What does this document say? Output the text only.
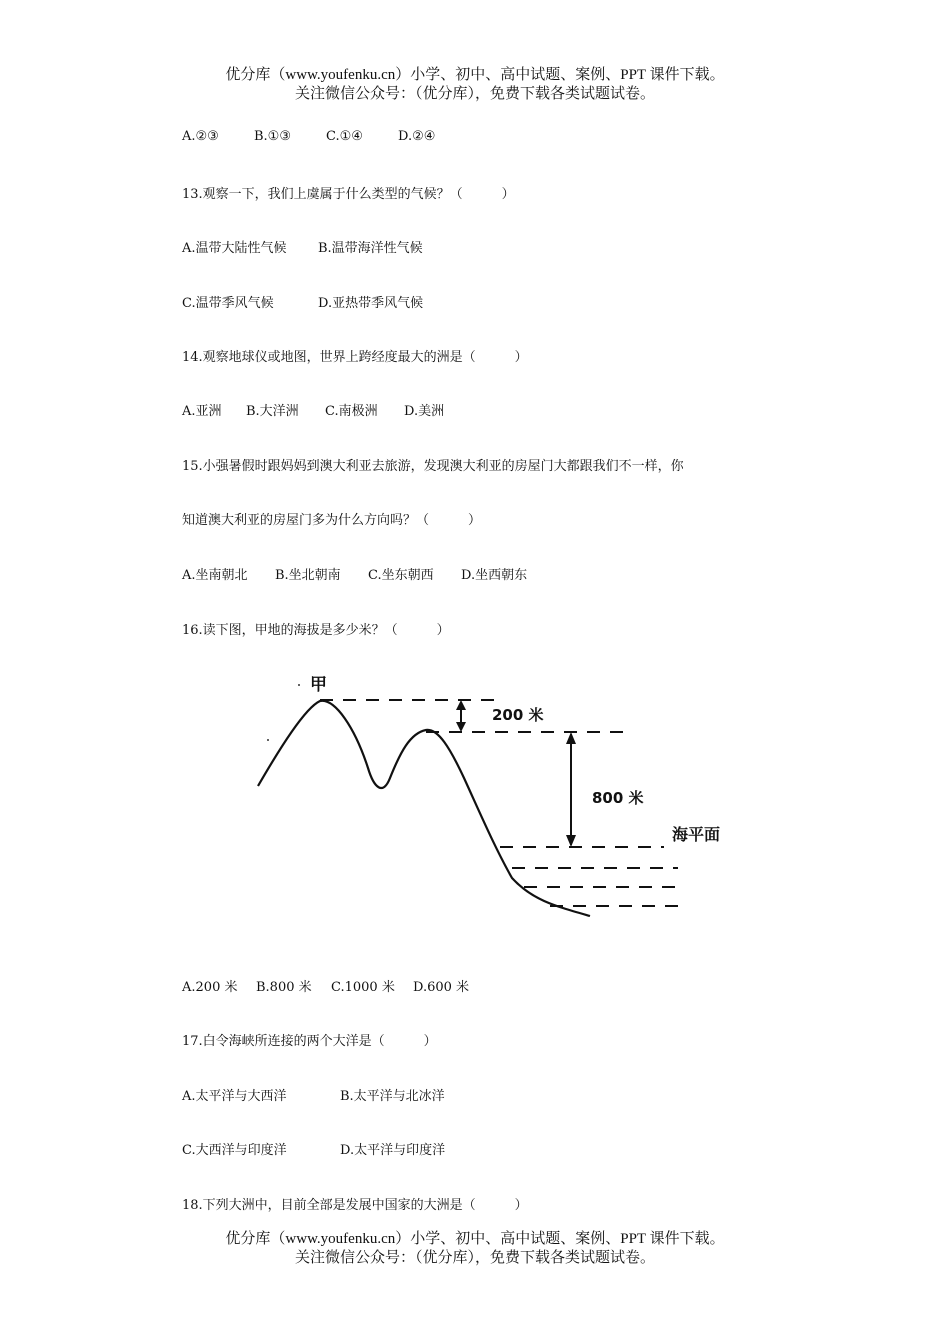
优分库（www.youfenku.cn）小学、初中、高中试题、案例、PPT 课件下载。
关注微信公众号：（优分库），免费下载各类试题试卷。
A.②③	B.①③	C.①④	D.②④
13.观察一下，我们上虞属于什么类型的气候？（　　　）
A.温带大陆性气候 B.温带海洋性气候
C.温带季风气候	D.亚热带季风气候
14.观察地球仪或地图，世界上跨经度最大的洲是（　　　）
A.亚洲 B.大洋洲 C.南极洲 D.美洲
15.小强暑假时跟妈妈到澳大利亚去旅游，发现澳大利亚的房屋门大都跟我们不一样，你
知道澳大利亚的房屋门多为什么方向吗？（　　　）
A.坐南朝北 B.坐北朝南 C.坐东朝西 D.坐西朝东
16.读下图，甲地的海拔是多少米？（　　　）
甲
200 米
800 米
海平面
A.200 米 B.800 米 C.1000 米 D.600 米
17.白令海峡所连接的两个大洋是（　　　）
A.太平洋与大西洋	B.太平洋与北冰洋
C.大西洋与印度洋	D.太平洋与印度洋
18.下列大洲中，目前全部是发展中国家的大洲是（　　　）
优分库（www.youfenku.cn）小学、初中、高中试题、案例、PPT 课件下载。
关注微信公众号：（优分库），免费下载各类试题试卷。
